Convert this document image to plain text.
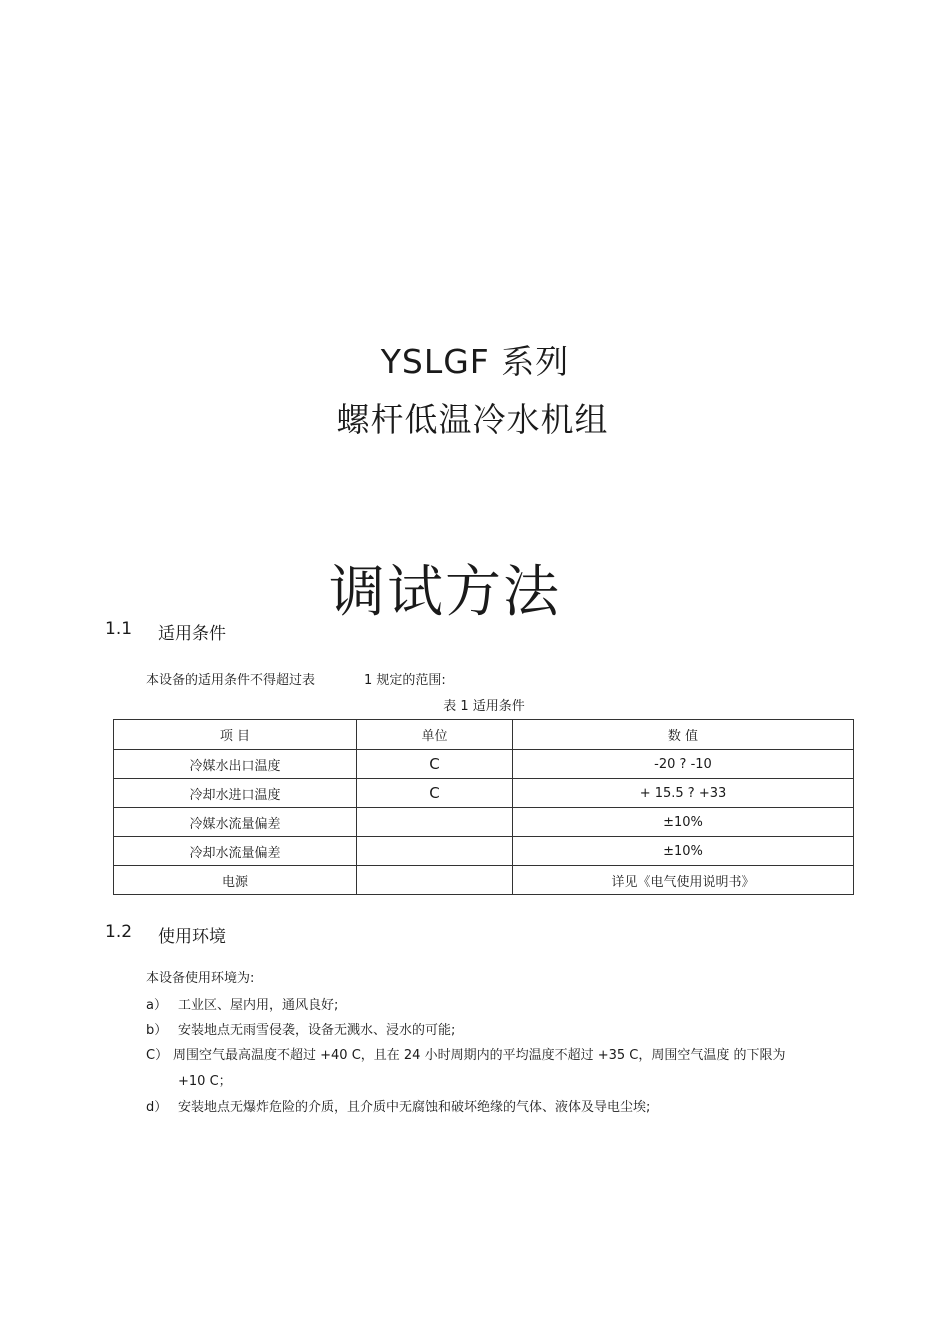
YSLGF 系列
螺杆低温冷水机组
调试方法
1.1 适用条件
本设备的适用条件不得超过表	1 规定的范围:
表 1 适用条件
项 目	单位	数 值
冷媒水出口温度	C	-20 ? -10
冷却水进口温度	C	+ 15.5 ? +33
冷媒水流量偏差		±10%
冷却水流量偏差		±10%
电源		详见《电气使用说明书》
1.2 使用环境
本设备使用环境为:
a） 工业区、屋内用，通风良好;
b） 安装地点无雨雪侵袭，设备无溅水、浸水的可能;
C） 周围空气最高温度不超过 +40 C，且在 24 小时周期内的平均温度不超过 +35 C，周围空气温度 的下限为
+10 C；
d） 安装地点无爆炸危险的介质，且介质中无腐蚀和破坏绝缘的气体、液体及导电尘埃;
